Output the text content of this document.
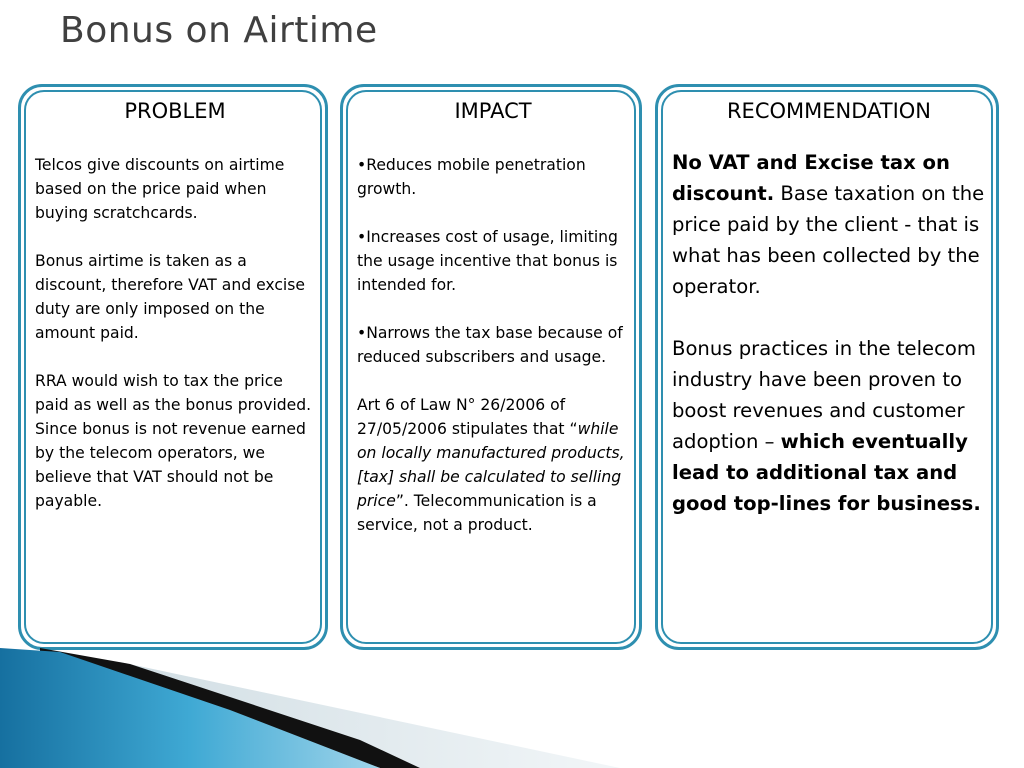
Bonus on Airtime

PROBLEM

Telcos give discounts on airtime based on the price paid when buying scratchcards.

Bonus airtime is taken as a discount, therefore VAT and excise duty are only imposed on the amount paid.

RRA would wish to tax the price paid as well as the bonus provided. Since bonus is not revenue earned by the telecom operators, we believe that VAT should not be payable.

IMPACT

•Reduces mobile penetration growth.

•Increases cost of usage, limiting the usage incentive that bonus is intended for.

•Narrows the tax base because of reduced subscribers and usage.

Art 6 of Law N° 26/2006 of 27/05/2006 stipulates that “while on locally manufactured products, [tax] shall be calculated to selling price”. Telecommunication is a service, not a product.

RECOMMENDATION

No VAT and Excise tax on discount. Base taxation on the price paid by the client - that is what has been collected by the operator.

Bonus practices in the telecom industry have been proven to boost revenues and customer adoption – which eventually lead to additional tax and good top-lines for business.
